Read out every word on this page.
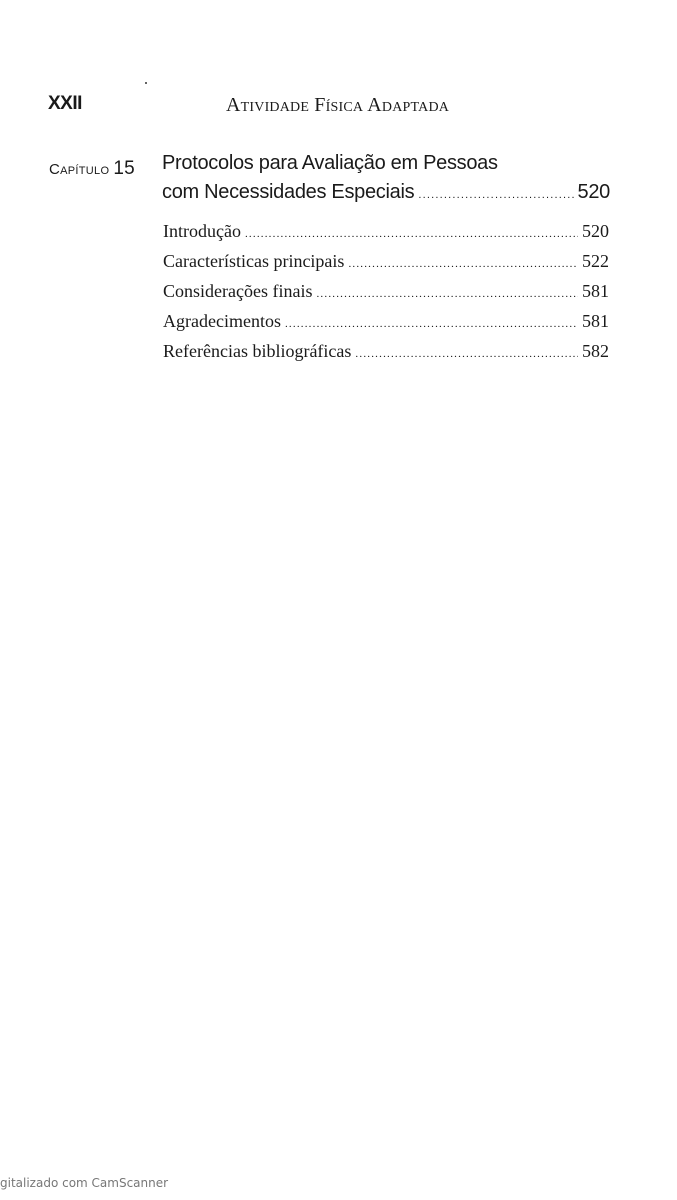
XXII	Atividade Física Adaptada
Capítulo 15 Protocolos para Avaliação em Pessoas
com Necessidades Especiais .....	520
Introdução .....	520
Características principais .....	522
Considerações finais .....	581
Agradecimentos .....	581
Referências bibliográficas .....	582
gitalizado com CamScanner
